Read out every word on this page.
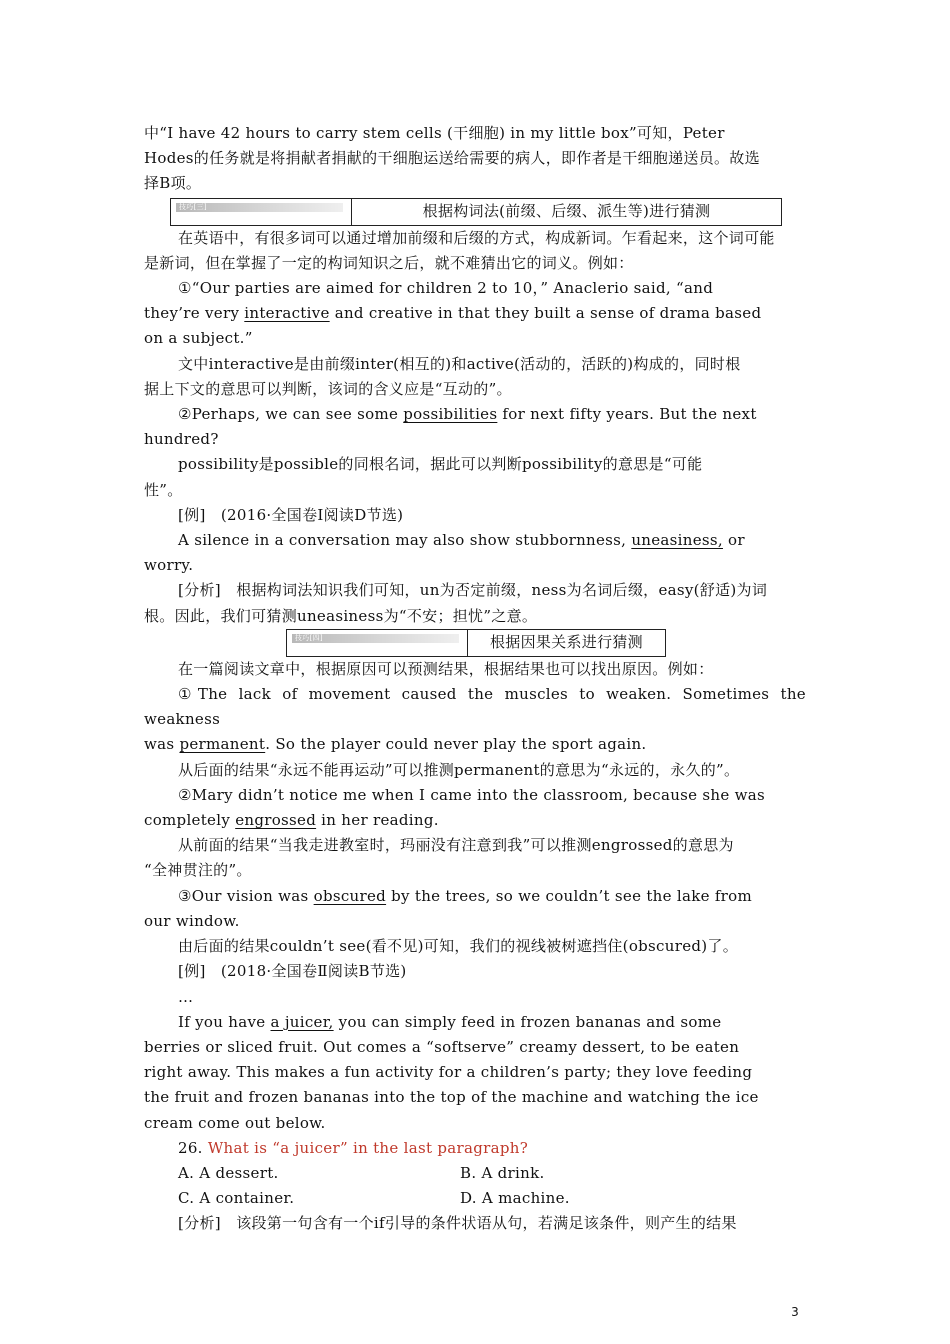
中“I have 42 hours to carry stem cells (干细胞) in my little box”可知，Peter
Hodes的任务就是将捐献者捐献的干细胞运送给需要的病人，即作者是干细胞递送员。故选
择B项。

技巧[三]	根据构词法(前缀、后缀、派生等)进行猜测

在英语中，有很多词可以通过增加前缀和后缀的方式，构成新词。乍看起来，这个词可能
是新词，但在掌握了一定的构词知识之后，就不难猜出它的词义。例如：

①“Our parties are aimed for children 2 to 10，” Anaclerio said, “and
they’re very interactive and creative in that they built a sense of drama based
on a subject.”
文中interactive是由前缀inter(相互的)和active(活动的，活跃的)构成的，同时根
据上下文的意思可以判断，该词的含义应是“互动的”。

②Perhaps, we can see some possibilities for next fifty years. But the next
hundred?
possibility是possible的同根名词，据此可以判断possibility的意思是“可能
性”。

[例]　(2016·全国卷Ⅰ阅读D节选)
A silence in a conversation may also show stubbornness, uneasiness, or
worry.
[分析]　根据构词法知识我们可知，un为否定前缀，ness为名词后缀，easy(舒适)为词
根。因此，我们可猜测uneasiness为“不安；担忧”之意。

技巧[四]	根据因果关系进行猜测

在一篇阅读文章中，根据原因可以预测结果，根据结果也可以找出原因。例如：
①The lack of movement caused the muscles to weaken. Sometimes the weakness
was permanent. So the player could never play the sport again.
从后面的结果“永远不能再运动”可以推测permanent的意思为“永远的，永久的”。
②Mary didn’t notice me when I came into the classroom, because she was
completely engrossed in her reading.
从前面的结果“当我走进教室时，玛丽没有注意到我”可以推测engrossed的意思为
“全神贯注的”。
③Our vision was obscured by the trees, so we couldn’t see the lake from
our window.
由后面的结果couldn’t see(看不见)可知，我们的视线被树遮挡住(obscured)了。

[例]　(2018·全国卷Ⅱ阅读B节选)
…
If you have a juicer, you can simply feed in frozen bananas and some
berries or sliced fruit. Out comes a “softserve” creamy dessert, to be eaten
right away. This makes a fun activity for a children’s party; they love feeding
the fruit and frozen bananas into the top of the machine and watching the ice
cream come out below.
26. What is “a juicer” in the last paragraph?

A. A dessert.	B. A drink.
C. A container.	D. A machine.

[分析]　该段第一句含有一个if引导的条件状语从句，若满足该条件，则产生的结果

3
